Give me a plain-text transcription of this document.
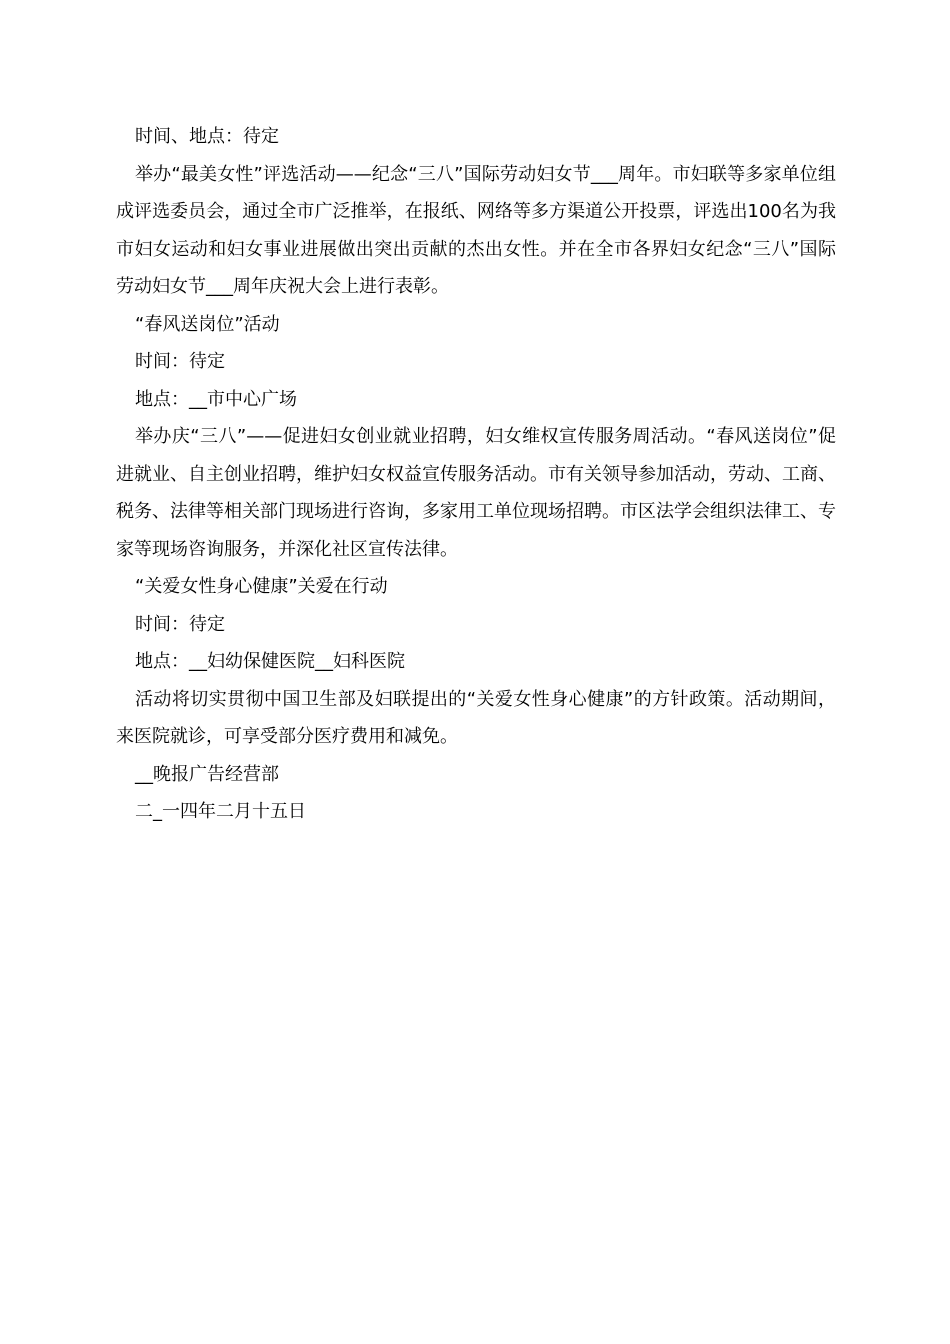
时间、地点：待定

举办“最美女性”评选活动——纪念“三八”国际劳动妇女节___周年。市妇联等多家单位组成评选委员会，通过全市广泛推举，在报纸、网络等多方渠道公开投票，评选出100名为我市妇女运动和妇女事业进展做出突出贡献的杰出女性。并在全市各界妇女纪念“三八”国际劳动妇女节___周年庆祝大会上进行表彰。

“春风送岗位”活动

时间：待定

地点：__市中心广场

举办庆“三八”——促进妇女创业就业招聘，妇女维权宣传服务周活动。“春风送岗位”促进就业、自主创业招聘，维护妇女权益宣传服务活动。市有关领导参加活动，劳动、工商、税务、法律等相关部门现场进行咨询，多家用工单位现场招聘。市区法学会组织法律工、专家等现场咨询服务，并深化社区宣传法律。

“关爱女性身心健康”关爱在行动

时间：待定

地点：__妇幼保健医院__妇科医院

活动将切实贯彻中国卫生部及妇联提出的“关爱女性身心健康”的方针政策。活动期间，来医院就诊，可享受部分医疗费用和减免。

__晚报广告经营部

二_一四年二月十五日
